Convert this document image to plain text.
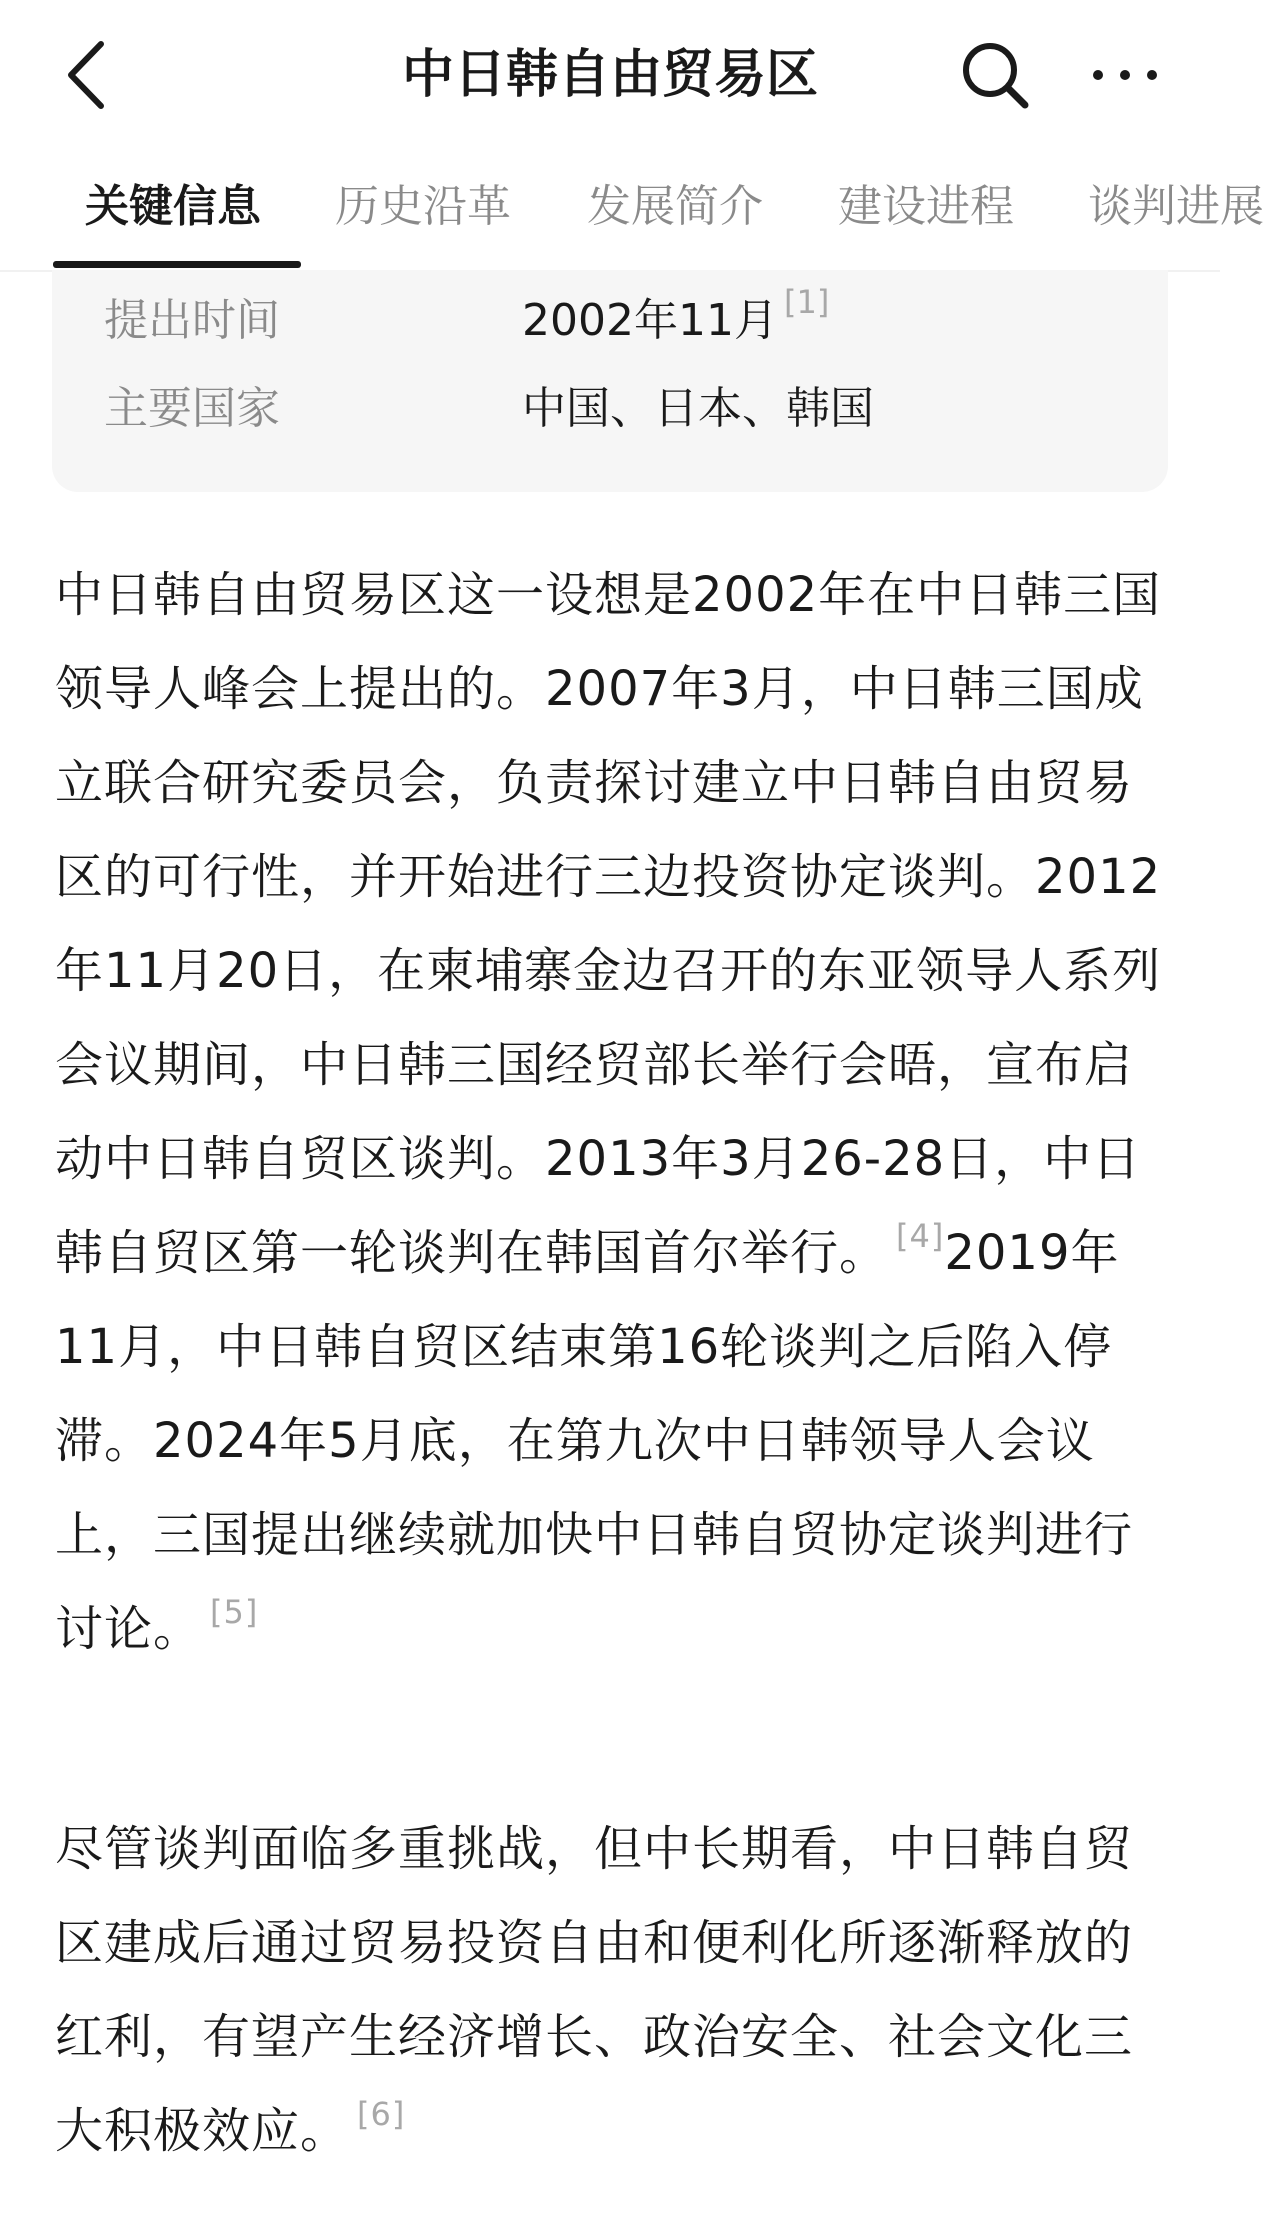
中日韩自由贸易区
关键信息 历史沿革 发展简介 建设进程 谈判进展
提出时间	2002年11月 [1]
主要国家	中国、日本、韩国

中日韩自由贸易区这一设想是2002年在中日韩三国领导人峰会上提出的。2007年3月，中日韩三国成立联合研究委员会，负责探讨建立中日韩自由贸易区的可行性，并开始进行三边投资协定谈判。2012年11月20日，在柬埔寨金边召开的东亚领导人系列会议期间，中日韩三国经贸部长举行会晤，宣布启动中日韩自贸区谈判。2013年3月26-28日，中日韩自贸区第一轮谈判在韩国首尔举行。 [4]2019年11月，中日韩自贸区结束第16轮谈判之后陷入停滞。2024年5月底，在第九次中日韩领导人会议上，三国提出继续就加快中日韩自贸协定谈判进行讨论。 [5]

尽管谈判面临多重挑战，但中长期看，中日韩自贸区建成后通过贸易投资自由和便利化所逐渐释放的红利，有望产生经济增长、政治安全、社会文化三大积极效应。 [6]
